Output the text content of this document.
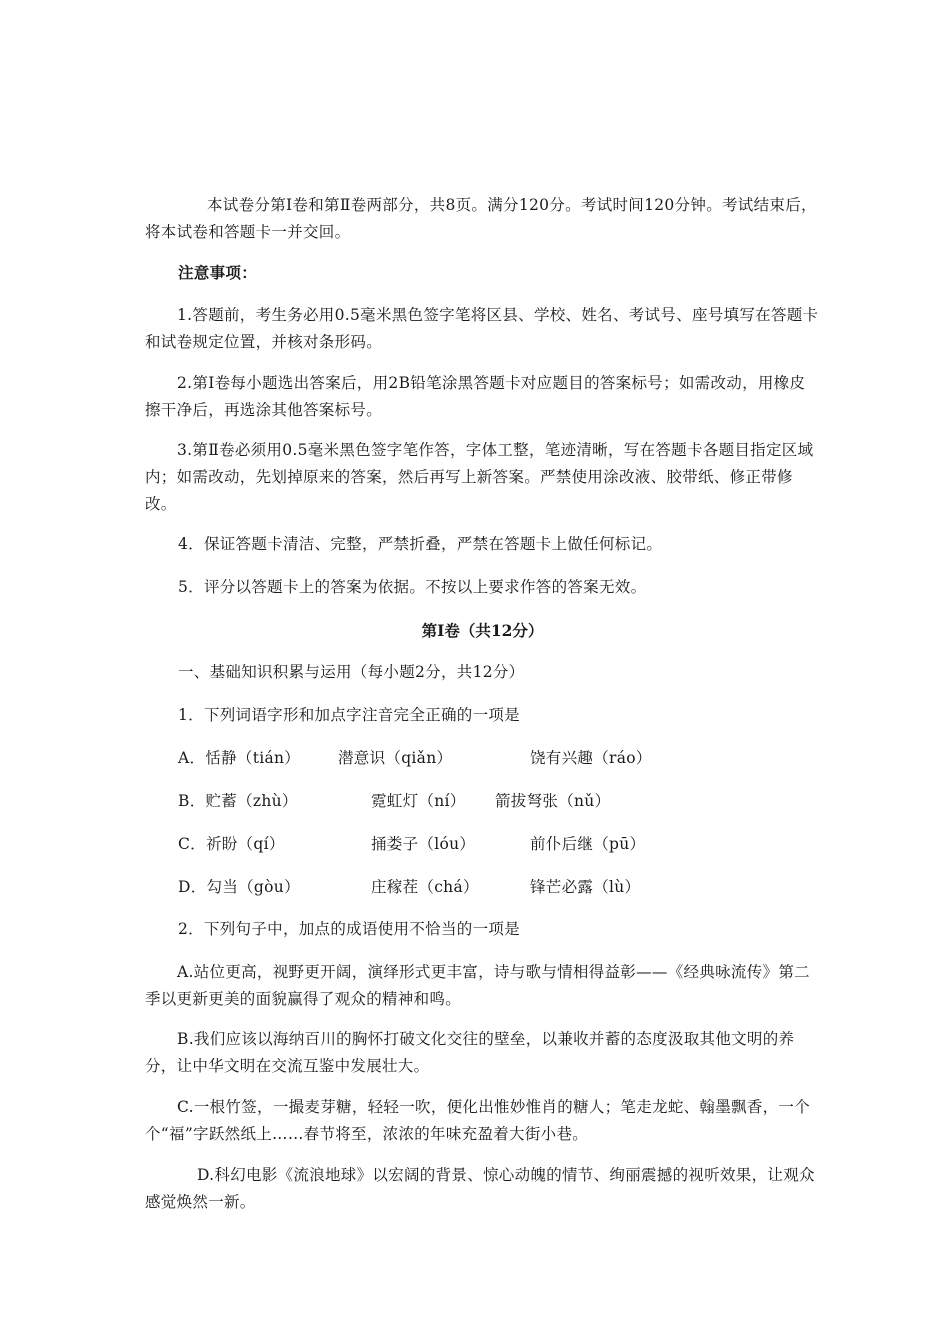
本试卷分第Ⅰ卷和第Ⅱ卷两部分，共8页。满分120分。考试时间120分钟。考试结束后，将本试卷和答题卡一并交回。

注意事项：

1.答题前，考生务必用0.5毫米黑色签字笔将区县、学校、姓名、考试号、座号填写在答题卡和试卷规定位置，并核对条形码。

2.第Ⅰ卷每小题选出答案后，用2B铅笔涂黑答题卡对应题目的答案标号；如需改动，用橡皮擦干净后，再选涂其他答案标号。

3.第Ⅱ卷必须用0.5毫米黑色签字笔作答，字体工整，笔迹清晰，写在答题卡各题目指定区域内；如需改动，先划掉原来的答案，然后再写上新答案。严禁使用涂改液、胶带纸、修正带修改。

4．保证答题卡清洁、完整，严禁折叠，严禁在答题卡上做任何标记。
5．评分以答题卡上的答案为依据。不按以上要求作答的答案无效。
第Ⅰ卷（共12分）
一、基础知识积累与运用（每小题2分，共12分）
1．下列词语字形和加点字注音完全正确的一项是
A．恬静（tián） 潜意识（qiǎn）	饶有兴趣（ráo）
B．贮蓄（zhù）	霓虹灯（ní） 箭拔弩张（nǔ）
C．祈盼（qí）	捅娄子（lóu）	前仆后继（pū）
D．勾当（gòu）	庄稼茬（chá）	锋芒必露（lù）
2．下列句子中，加点的成语使用不恰当的一项是

A.站位更高，视野更开阔，演绎形式更丰富，诗与歌与情相得益彰——《经典咏流传》第二季以更新更美的面貌赢得了观众的精神和鸣。

B.我们应该以海纳百川的胸怀打破文化交往的壁垒，以兼收并蓄的态度汲取其他文明的养分，让中华文明在交流互鉴中发展壮大。

C.一根竹签，一撮麦芽糖，轻轻一吹，便化出惟妙惟肖的糖人；笔走龙蛇、翰墨飘香，一个个“福”字跃然纸上……春节将至，浓浓的年味充盈着大街小巷。

D.科幻电影《流浪地球》以宏阔的背景、惊心动魄的情节、绚丽震撼的视听效果，让观众感觉焕然一新。
